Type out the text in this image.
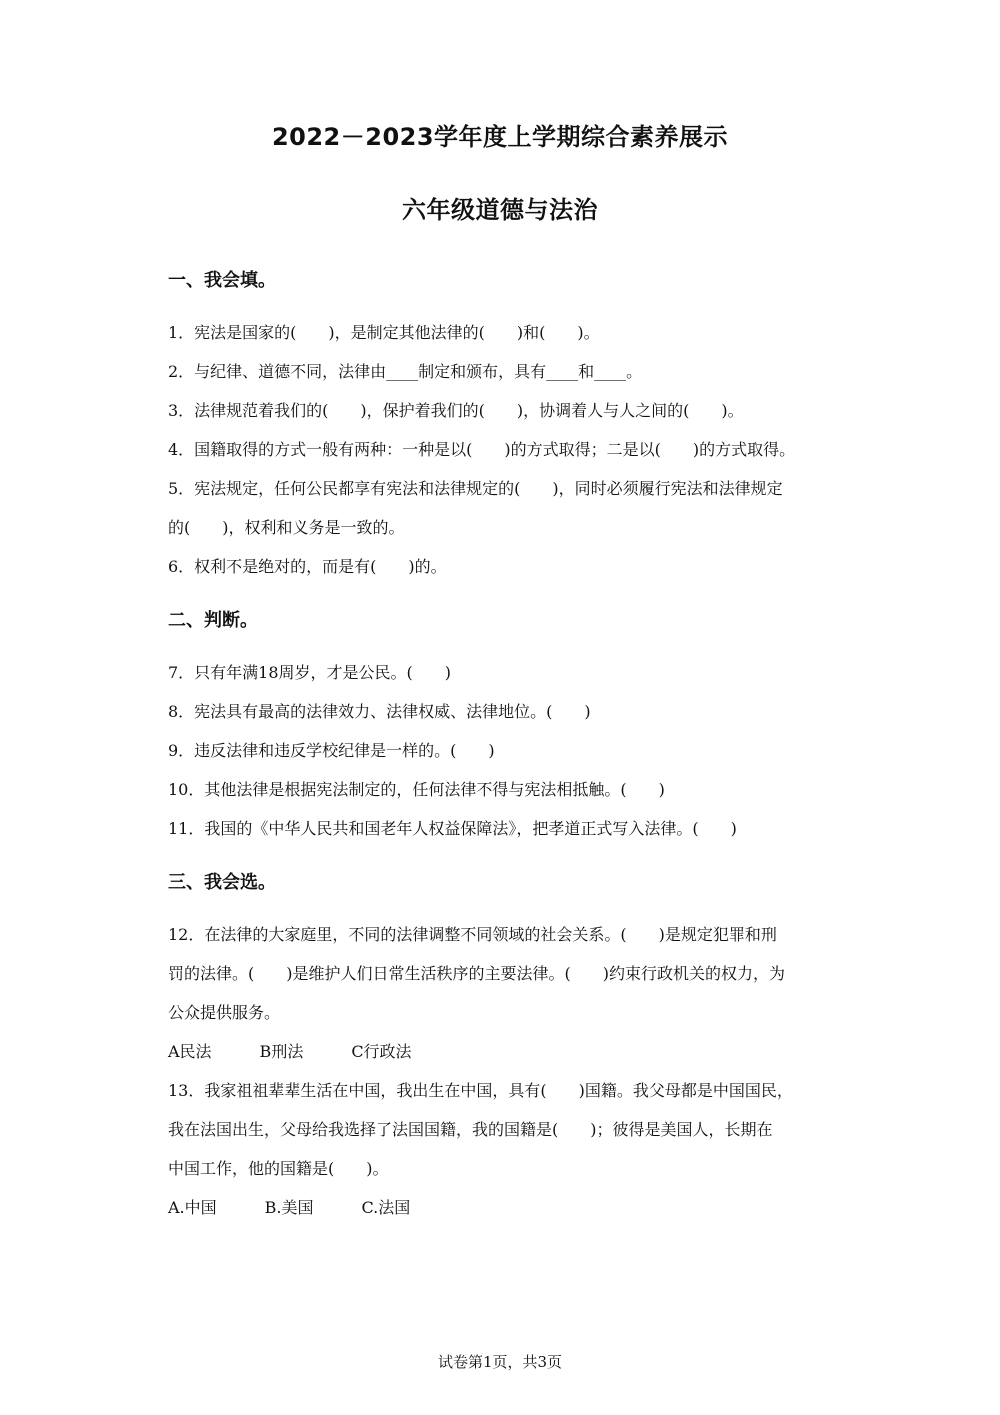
2022－2023学年度上学期综合素养展示
六年级道德与法治
一、我会填。
1．宪法是国家的(　　)，是制定其他法律的(　　)和(　　)。
2．与纪律、道德不同，法律由____制定和颁布，具有____和____。
3．法律规范着我们的(　　)，保护着我们的(　　)，协调着人与人之间的(　　)。
4．国籍取得的方式一般有两种：一种是以(　　)的方式取得；二是以(　　)的方式取得。
5．宪法规定，任何公民都享有宪法和法律规定的(　　)，同时必须履行宪法和法律规定
的(　　)，权利和义务是一致的。
6．权利不是绝对的，而是有(　　)的。
二、判断。
7．只有年满18周岁，才是公民。(　　)
8．宪法具有最高的法律效力、法律权威、法律地位。(　　)
9．违反法律和违反学校纪律是一样的。(　　)
10．其他法律是根据宪法制定的，任何法律不得与宪法相抵触。(　　)
11．我国的《中华人民共和国老年人权益保障法》，把孝道正式写入法律。(　　)
三、我会选。
12．在法律的大家庭里，不同的法律调整不同领域的社会关系。(　　)是规定犯罪和刑
罚的法律。(　　)是维护人们日常生活秩序的主要法律。(　　)约束行政机关的权力，为
公众提供服务。
A民法　　　B刑法　　　C行政法
13．我家祖祖辈辈生活在中国，我出生在中国，具有(　　)国籍。我父母都是中国国民，
我在法国出生，父母给我选择了法国国籍，我的国籍是(　　)；彼得是美国人，长期在
中国工作，他的国籍是(　　)。
A.中国　　　B.美国　　　C.法国
试卷第1页，共3页
